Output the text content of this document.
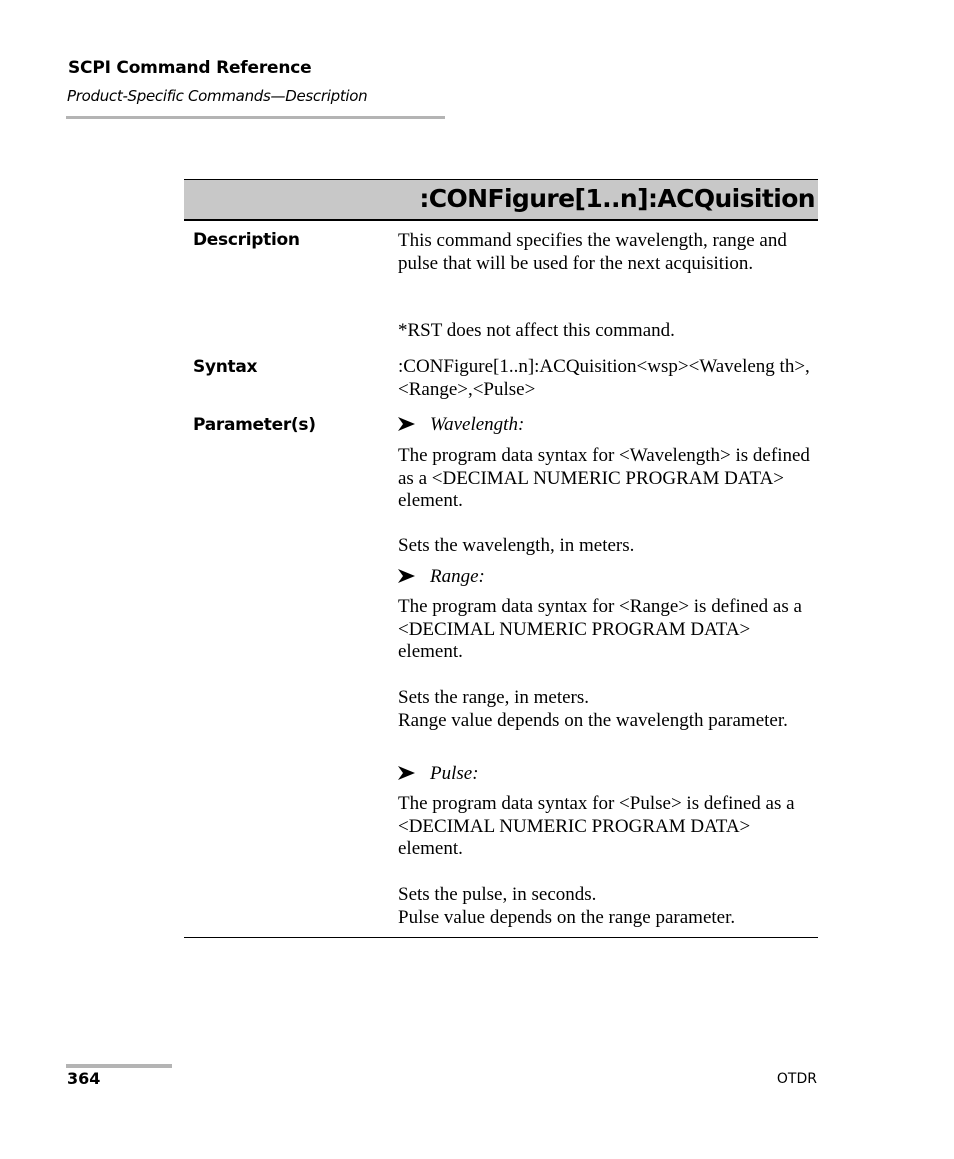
SCPI Command Reference
Product-Specific Commands—Description
:CONFigure[1..n]:ACQuisition
Description	This command specifies the wavelength, range and pulse that will be used for the next acquisition.
*RST does not affect this command.
Syntax	:CONFigure[1..n]:ACQuisition<wsp><Waveleng th>,<Range>,<Pulse>
Parameter(s)	Wavelength:
The program data syntax for <Wavelength> is defined as a <DECIMAL NUMERIC PROGRAM DATA> element.
Sets the wavelength, in meters.
Range:
The program data syntax for <Range> is defined as a <DECIMAL NUMERIC PROGRAM DATA> element.
Sets the range, in meters.
Range value depends on the wavelength parameter.
Pulse:
The program data syntax for <Pulse> is defined as a <DECIMAL NUMERIC PROGRAM DATA> element.
Sets the pulse, in seconds.
Pulse value depends on the range parameter.
364	OTDR
